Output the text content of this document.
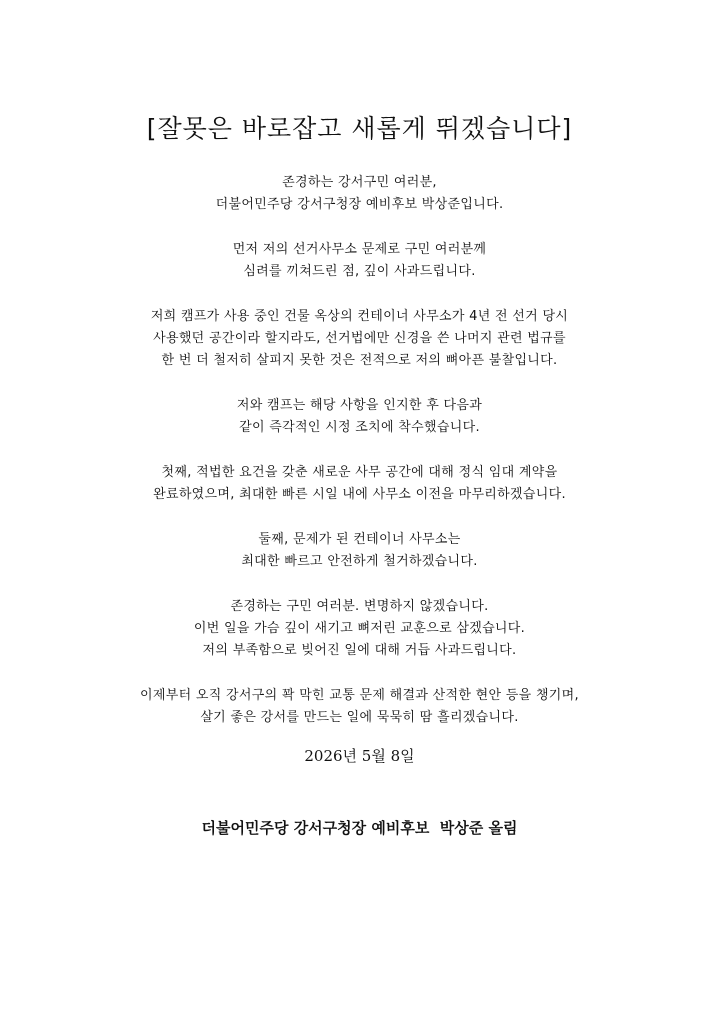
[잘못은 바로잡고 새롭게 뛰겠습니다]
존경하는 강서구민 여러분,
더불어민주당 강서구청장 예비후보 박상준입니다.
먼저 저의 선거사무소 문제로 구민 여러분께
심려를 끼쳐드린 점, 깊이 사과드립니다.
저희 캠프가 사용 중인 건물 옥상의 컨테이너 사무소가 4년 전 선거 당시
사용했던 공간이라 할지라도, 선거법에만 신경을 쓴 나머지 관련 법규를
한 번 더 철저히 살피지 못한 것은 전적으로 저의 뼈아픈 불찰입니다.
저와 캠프는 해당 사항을 인지한 후 다음과
같이 즉각적인 시정 조치에 착수했습니다.
첫째, 적법한 요건을 갖춘 새로운 사무 공간에 대해 정식 임대 계약을
완료하였으며, 최대한 빠른 시일 내에 사무소 이전을 마무리하겠습니다.
둘째, 문제가 된 컨테이너 사무소는
최대한 빠르고 안전하게 철거하겠습니다.
존경하는 구민 여러분. 변명하지 않겠습니다.
이번 일을 가슴 깊이 새기고 뼈저린 교훈으로 삼겠습니다.
저의 부족함으로 빚어진 일에 대해 거듭 사과드립니다.
이제부터 오직 강서구의 꽉 막힌 교통 문제 해결과 산적한 현안 등을 챙기며,
살기 좋은 강서를 만드는 일에 묵묵히 땀 흘리겠습니다.
2026년 5월 8일
더불어민주당 강서구청장 예비후보  박상준 올림
